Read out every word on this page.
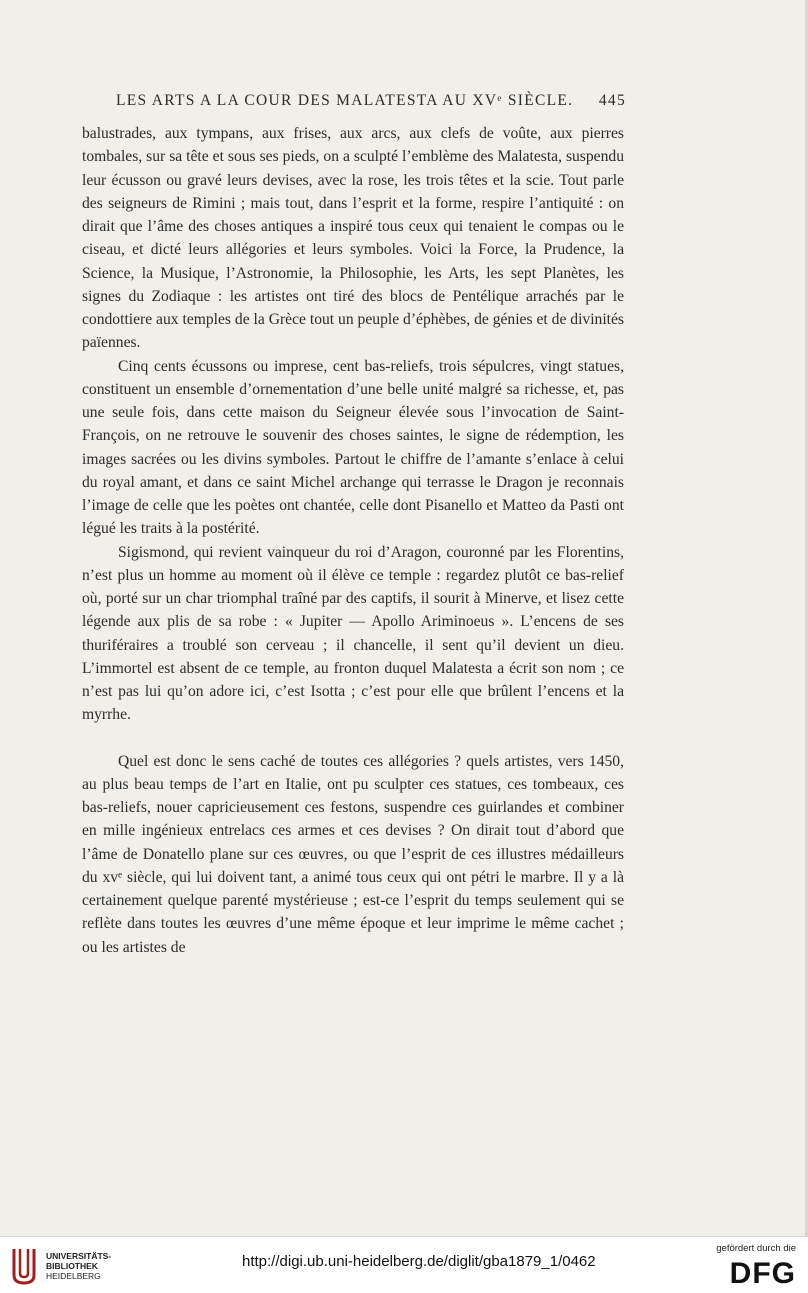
LES ARTS A LA COUR DES MALATESTA AU XVᵉ SIÈCLE. 445

balustrades, aux tympans, aux frises, aux arcs, aux clefs de voûte, aux pierres tombales, sur sa tête et sous ses pieds, on a sculpté l’emblème des Malatesta, suspendu leur écusson ou gravé leurs devises, avec la rose, les trois têtes et la scie. Tout parle des seigneurs de Rimini ; mais tout, dans l’esprit et la forme, respire l’antiquité : on dirait que l’âme des choses antiques a inspiré tous ceux qui tenaient le compas ou le ciseau, et dicté leurs allégories et leurs symboles. Voici la Force, la Prudence, la Science, la Musique, l’Astronomie, la Philosophie, les Arts, les sept Planètes, les signes du Zodiaque : les artistes ont tiré des blocs de Pentélique arrachés par le condottiere aux temples de la Grèce tout un peuple d’éphèbes, de génies et de divinités païennes.

Cinq cents écussons ou imprese, cent bas-reliefs, trois sépulcres, vingt statues, constituent un ensemble d’ornementation d’une belle unité malgré sa richesse, et, pas une seule fois, dans cette maison du Seigneur élevée sous l’invocation de Saint-François, on ne retrouve le souvenir des choses saintes, le signe de rédemption, les images sacrées ou les divins symboles. Partout le chiffre de l’amante s’enlace à celui du royal amant, et dans ce saint Michel archange qui terrasse le Dragon je reconnais l’image de celle que les poètes ont chantée, celle dont Pisanello et Matteo da Pasti ont légué les traits à la postérité.

Sigismond, qui revient vainqueur du roi d’Aragon, couronné par les Florentins, n’est plus un homme au moment où il élève ce temple : regardez plutôt ce bas-relief où, porté sur un char triomphal traîné par des captifs, il sourit à Minerve, et lisez cette légende aux plis de sa robe : « Jupiter — Apollo Ariminoeus ». L’encens de ses thuriféraires a troublé son cerveau ; il chancelle, il sent qu’il devient un dieu. L’immortel est absent de ce temple, au fronton duquel Malatesta a écrit son nom ; ce n’est pas lui qu’on adore ici, c’est Isotta ; c’est pour elle que brûlent l’encens et la myrrhe.

Quel est donc le sens caché de toutes ces allégories ? quels artistes, vers 1450, au plus beau temps de l’art en Italie, ont pu sculpter ces statues, ces tombeaux, ces bas-reliefs, nouer capricieusement ces festons, suspendre ces guirlandes et combiner en mille ingénieux entrelacs ces armes et ces devises ? On dirait tout d’abord que l’âme de Donatello plane sur ces œuvres, ou que l’esprit de ces illustres médailleurs du xvᵉ siècle, qui lui doivent tant, a animé tous ceux qui ont pétri le marbre. Il y a là certainement quelque parenté mystérieuse ; est-ce l’esprit du temps seulement qui se reflète dans toutes les œuvres d’une même époque et leur imprime le même cachet ; ou les artistes de

UNIVERSITÄTS-
BIBLIOTHEK
HEIDELBERG
http://digi.ub.uni-heidelberg.de/diglit/gba1879_1/0462
gefördert durch die
DFG
